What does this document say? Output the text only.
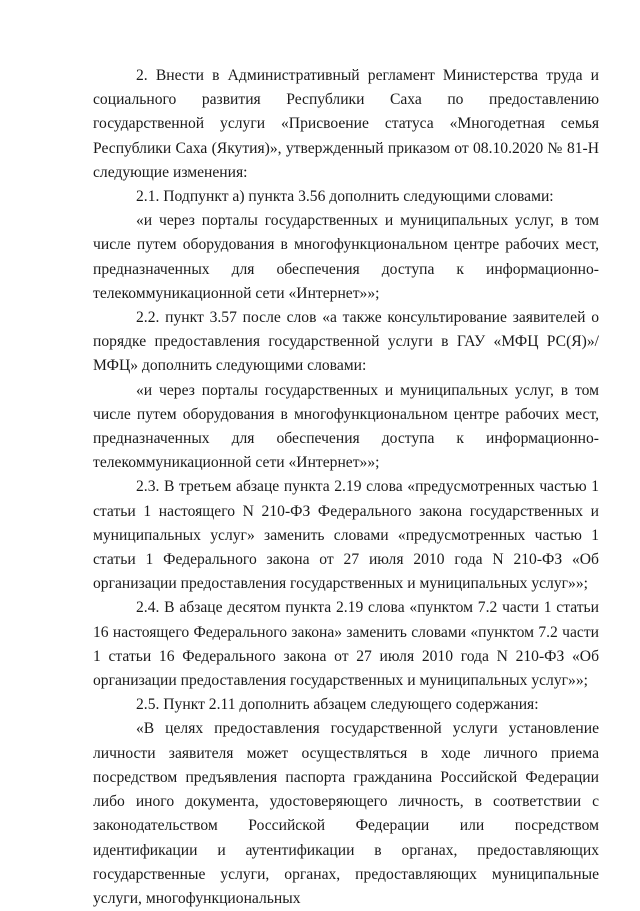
2. Внести в Административный регламент Министерства труда и социального развития Республики Саха по предоставлению государственной услуги «Присвоение статуса «Многодетная семья Республики Саха (Якутия)», утвержденный приказом от 08.10.2020 № 81-Н следующие изменения:

2.1. Подпункт а) пункта 3.56 дополнить следующими словами:

«и через порталы государственных и муниципальных услуг, в том числе путем оборудования в многофункциональном центре рабочих мест, предназначенных для обеспечения доступа к информационно-телекоммуникационной сети «Интернет»»;

2.2. пункт 3.57 после слов «а также консультирование заявителей о порядке предоставления государственной услуги в ГАУ «МФЦ РС(Я)»/МФЦ» дополнить следующими словами:

«и через порталы государственных и муниципальных услуг, в том числе путем оборудования в многофункциональном центре рабочих мест, предназначенных для обеспечения доступа к информационно-телекоммуникационной сети «Интернет»»;

2.3. В третьем абзаце пункта 2.19 слова «предусмотренных частью 1 статьи 1 настоящего N 210-ФЗ Федерального закона государственных и муниципальных услуг» заменить словами «предусмотренных частью 1 статьи 1 Федерального закона от 27 июля 2010 года N 210-ФЗ «Об организации предоставления государственных и муниципальных услуг»»;

2.4. В абзаце десятом пункта 2.19 слова «пунктом 7.2 части 1 статьи 16 настоящего Федерального закона» заменить словами «пунктом 7.2 части 1 статьи 16 Федерального закона от 27 июля 2010 года N 210-ФЗ «Об организации предоставления государственных и муниципальных услуг»»;

2.5. Пункт 2.11 дополнить абзацем следующего содержания:

«В целях предоставления государственной услуги установление личности заявителя может осуществляться в ходе личного приема посредством предъявления паспорта гражданина Российской Федерации либо иного документа, удостоверяющего личность, в соответствии с законодательством Российской Федерации или посредством идентификации и аутентификации в органах, предоставляющих государственные услуги, органах, предоставляющих муниципальные услуги, многофункциональных
